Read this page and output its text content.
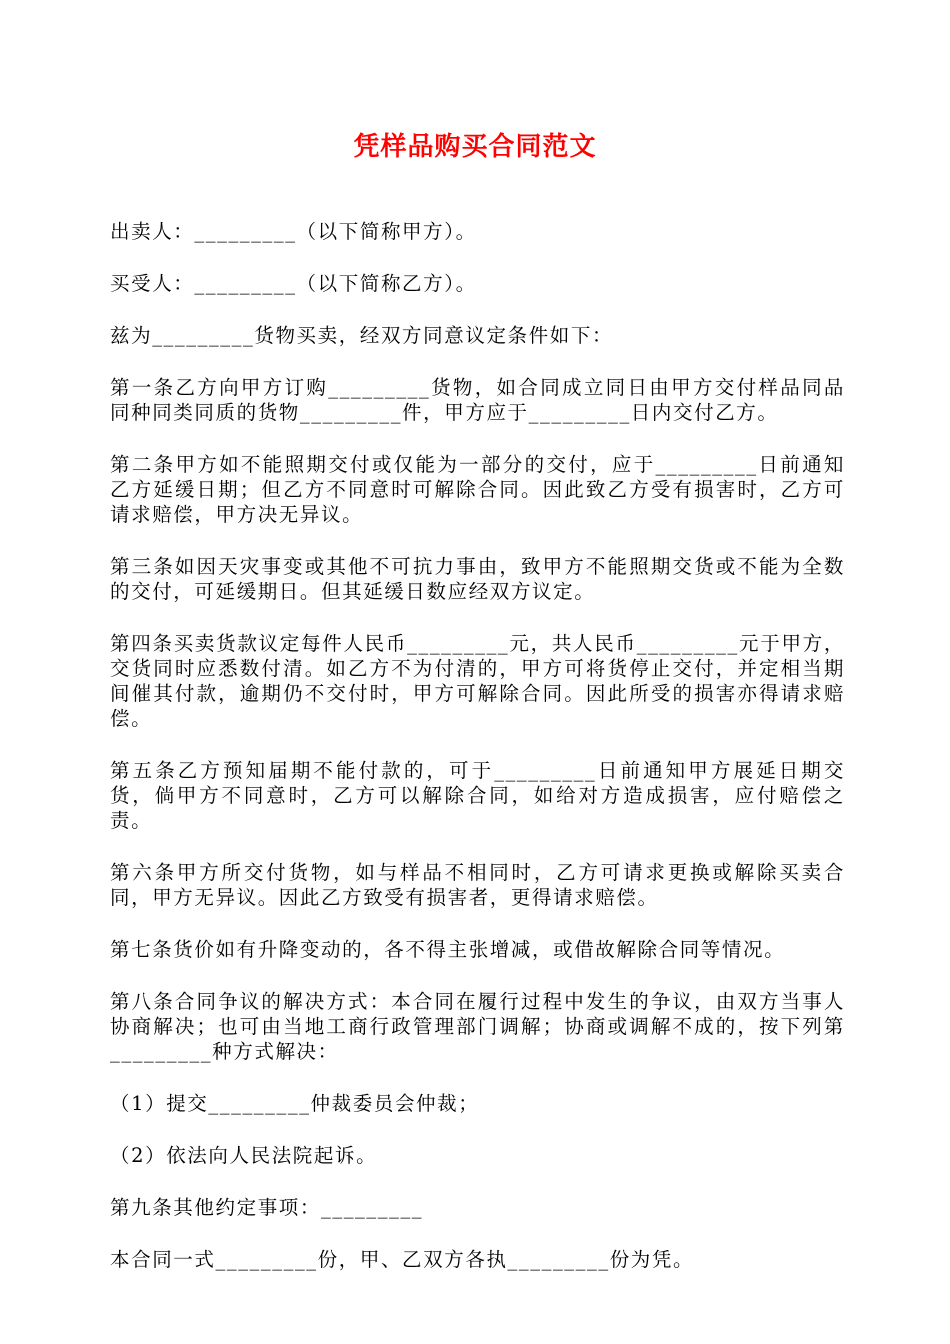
凭样品购买合同范文

出卖人：_________（以下简称甲方）。

买受人：_________（以下简称乙方）。

兹为_________货物买卖，经双方同意议定条件如下：

第一条乙方向甲方订购_________货物，如合同成立同日由甲方交付样品同品同种同类同质的货物_________件，甲方应于_________日内交付乙方。

第二条甲方如不能照期交付或仅能为一部分的交付，应于_________日前通知乙方延缓日期；但乙方不同意时可解除合同。因此致乙方受有损害时，乙方可请求赔偿，甲方决无异议。

第三条如因天灾事变或其他不可抗力事由，致甲方不能照期交货或不能为全数的交付，可延缓期日。但其延缓日数应经双方议定。

第四条买卖货款议定每件人民币_________元，共人民币_________元于甲方，交货同时应悉数付清。如乙方不为付清的，甲方可将货停止交付，并定相当期间催其付款，逾期仍不交付时，甲方可解除合同。因此所受的损害亦得请求赔偿。

第五条乙方预知届期不能付款的，可于_________日前通知甲方展延日期交货，倘甲方不同意时，乙方可以解除合同，如给对方造成损害，应付赔偿之责。

第六条甲方所交付货物，如与样品不相同时，乙方可请求更换或解除买卖合同，甲方无异议。因此乙方致受有损害者，更得请求赔偿。

第七条货价如有升降变动的，各不得主张增减，或借故解除合同等情况。

第八条合同争议的解决方式：本合同在履行过程中发生的争议，由双方当事人协商解决；也可由当地工商行政管理部门调解；协商或调解不成的，按下列第_________种方式解决：

（1）提交_________仲裁委员会仲裁；

（2）依法向人民法院起诉。

第九条其他约定事项：_________

本合同一式_________份，甲、乙双方各执_________份为凭。
